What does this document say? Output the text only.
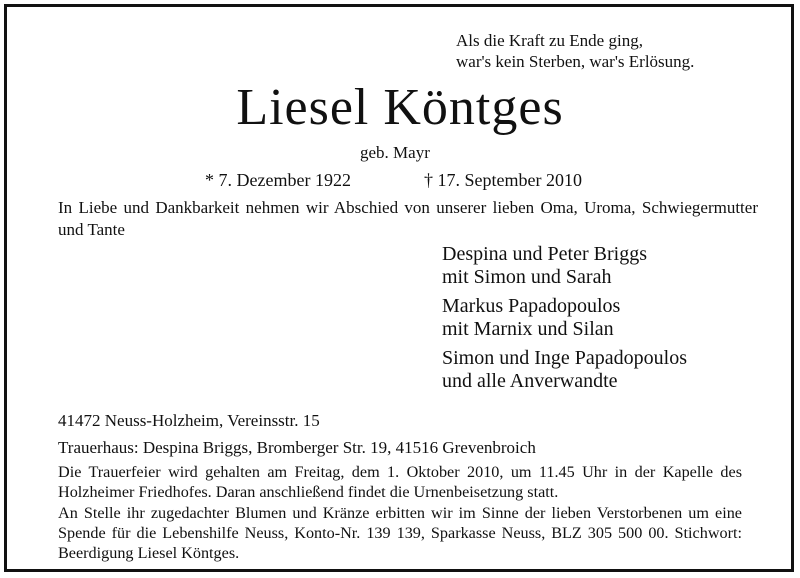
Als die Kraft zu Ende ging,
war's kein Sterben, war's Erlösung.
Liesel Köntges
geb. Mayr
* 7. Dezember 1922	† 17. September 2010
In Liebe und Dankbarkeit nehmen wir Abschied von unserer lieben Oma, Uroma, Schwiegermutter und Tante
Despina und Peter Briggs
mit Simon und Sarah
Markus Papadopoulos
mit Marnix und Silan
Simon und Inge Papadopoulos
und alle Anverwandte
41472 Neuss-Holzheim, Vereinsstr. 15
Trauerhaus: Despina Briggs, Bromberger Str. 19, 41516 Grevenbroich
Die Trauerfeier wird gehalten am Freitag, dem 1. Oktober 2010, um 11.45 Uhr in der Kapelle des Holzheimer Friedhofes. Daran anschließend findet die Urnenbeisetzung statt.
An Stelle ihr zugedachter Blumen und Kränze erbitten wir im Sinne der lieben Verstorbenen um eine Spende für die Lebenshilfe Neuss, Konto-Nr. 139 139, Sparkasse Neuss, BLZ 305 500 00. Stichwort: Beerdigung Liesel Köntges.
